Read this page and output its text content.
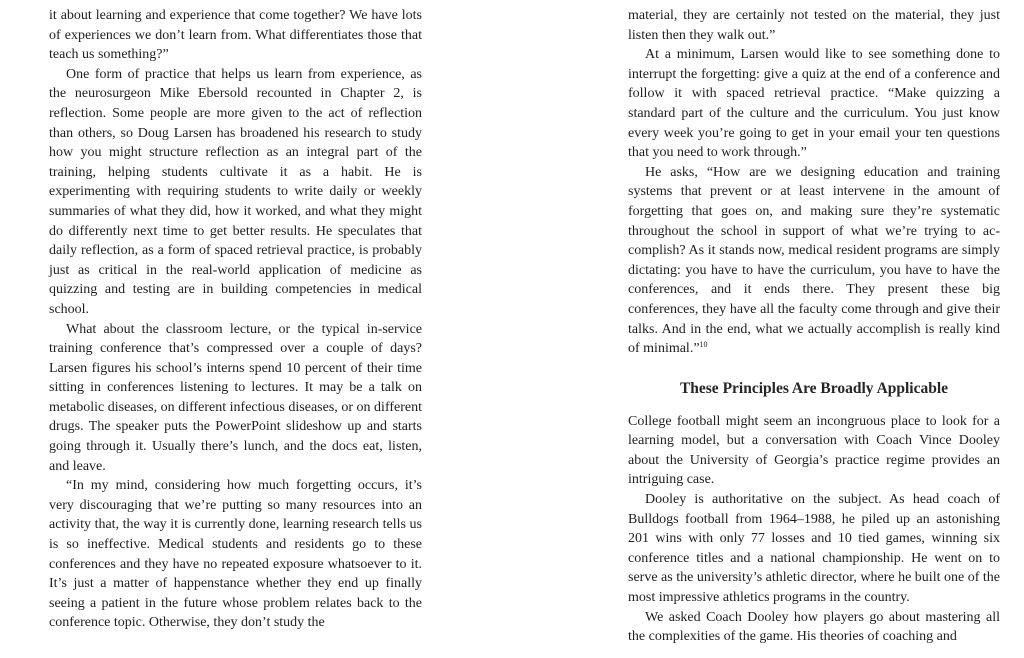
it about learning and experience that come together? We have lots of experiences we don’t learn from. What differentiates those that teach us something?”

One form of practice that helps us learn from experience, as the neurosurgeon Mike Ebersold recounted in Chapter 2, is reflection. Some people are more given to the act of reflection than others, so Doug Larsen has broadened his research to study how you might structure reflection as an integral part of the training, helping students cultivate it as a habit. He is experimenting with requiring students to write daily or weekly summaries of what they did, how it worked, and what they might do differently next time to get better results. He speculates that daily reflection, as a form of spaced retrieval practice, is probably just as critical in the real-world application of medicine as quizzing and testing are in building competencies in medical school.

What about the classroom lecture, or the typical in-service training conference that’s compressed over a couple of days? Larsen figures his school’s interns spend 10 percent of their time sitting in conferences listening to lectures. It may be a talk on metabolic diseases, on different infectious diseases, or on different drugs. The speaker puts the PowerPoint slideshow up and starts going through it. Usually there’s lunch, and the docs eat, listen, and leave.

“In my mind, considering how much forgetting occurs, it’s very discouraging that we’re putting so many resources into an activity that, the way it is currently done, learning research tells us is so ineffective. Medical students and residents go to these conferences and they have no repeated exposure whatsoever to it. It’s just a matter of happenstance whether they end up finally seeing a patient in the future whose problem relates back to the conference topic. Otherwise, they don’t study the

material, they are certainly not tested on the material, they just listen then they walk out.”

At a minimum, Larsen would like to see something done to interrupt the forgetting: give a quiz at the end of a conference and follow it with spaced retrieval practice. “Make quizzing a standard part of the culture and the curriculum. You just know every week you’re going to get in your email your ten questions that you need to work through.”

He asks, “How are we designing education and training systems that prevent or at least intervene in the amount of forgetting that goes on, and making sure they’re systematic throughout the school in support of what we’re trying to accomplish? As it stands now, medical resident programs are simply dictating: you have to have the curriculum, you have to have the conferences, and it ends there. They present these big conferences, they have all the faculty come through and give their talks. And in the end, what we actually accomplish is really kind of minimal.”$^{10}$

These Principles Are Broadly Applicable

College football might seem an incongruous place to look for a learning model, but a conversation with Coach Vince Dooley about the University of Georgia’s practice regime provides an intriguing case.

Dooley is authoritative on the subject. As head coach of Bulldogs football from 1964–1988, he piled up an astonishing 201 wins with only 77 losses and 10 tied games, winning six conference titles and a national championship. He went on to serve as the university’s athletic director, where he built one of the most impressive athletics programs in the country.

We asked Coach Dooley how players go about mastering all the complexities of the game. His theories of coaching and
